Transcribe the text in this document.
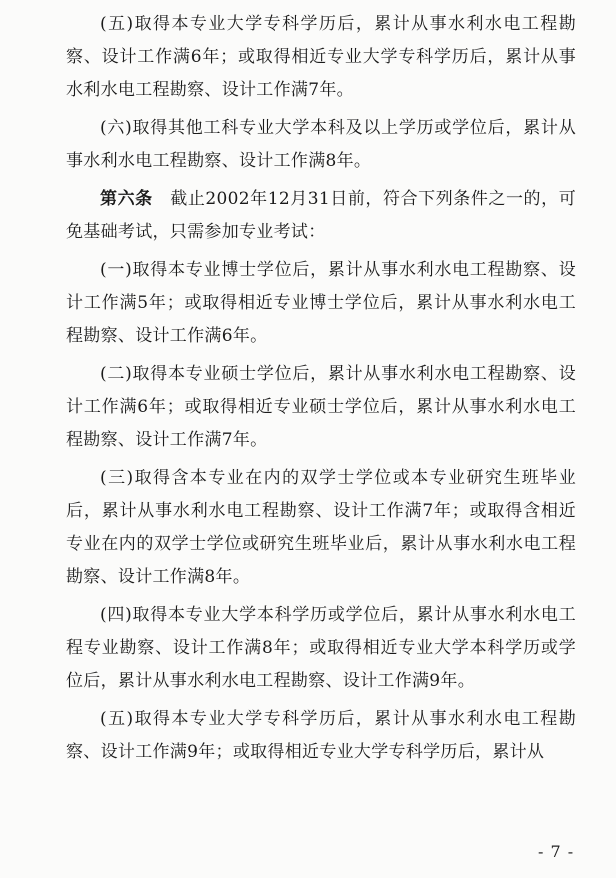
(五)取得本专业大学专科学历后，累计从事水利水电工程勘察、设计工作满6年；或取得相近专业大学专科学历后，累计从事水利水电工程勘察、设计工作满7年。

(六)取得其他工科专业大学本科及以上学历或学位后，累计从事水利水电工程勘察、设计工作满8年。

第六条　截止2002年12月31日前，符合下列条件之一的，可免基础考试，只需参加专业考试：

(一)取得本专业博士学位后，累计从事水利水电工程勘察、设计工作满5年；或取得相近专业博士学位后，累计从事水利水电工程勘察、设计工作满6年。

(二)取得本专业硕士学位后，累计从事水利水电工程勘察、设计工作满6年；或取得相近专业硕士学位后，累计从事水利水电工程勘察、设计工作满7年。

(三)取得含本专业在内的双学士学位或本专业研究生班毕业后，累计从事水利水电工程勘察、设计工作满7年；或取得含相近专业在内的双学士学位或研究生班毕业后，累计从事水利水电工程勘察、设计工作满8年。

(四)取得本专业大学本科学历或学位后，累计从事水利水电工程专业勘察、设计工作满8年；或取得相近专业大学本科学历或学位后，累计从事水利水电工程勘察、设计工作满9年。

(五)取得本专业大学专科学历后，累计从事水利水电工程勘察、设计工作满9年；或取得相近专业大学专科学历后，累计从

- 7 -
